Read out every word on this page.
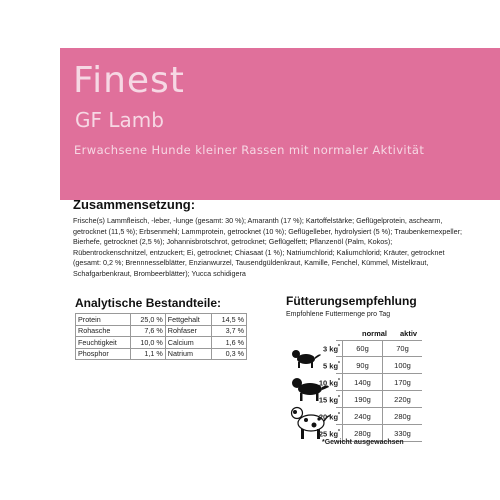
Finest
GF Lamb
Erwachsene Hunde kleiner Rassen mit normaler Aktivität
Zusammensetzung:
Frische(s) Lammfleisch, -leber, -lunge (gesamt: 30 %); Amaranth (17 %); Kartoffelstärke; Geflügelprotein, aschearm, getrocknet (11,5 %); Erbsenmehl; Lammprotein, getrocknet (10 %); Geflügelleber, hydrolysiert (5 %); Traubenkernexpeller; Bierhefe, getrocknet (2,5 %); Johannisbrotschrot, getrocknet; Geflügelfett; Pflanzenöl (Palm, Kokos); Rübentrockenschnitzel, entzuckert; Ei, getrocknet; Chiasaat (1 %); Natriumchlorid; Kaliumchlorid; Kräuter, getrocknet (gesamt: 0,2 %; Brennnesselblätter, Enzianwurzel, Tausendgüldenkraut, Kamille, Fenchel, Kümmel, Mistelkraut, Schafgarbenkraut, Brombeerblätter); Yucca schidigera
Analytische Bestandteile:
Protein	25,0 %	Fettgehalt	14,5 %
Rohasche	7,6 %	Rohfaser	3,7 %
Feuchtigkeit	10,0 %	Calcium	1,6 %
Phosphor	1,1 %	Natrium	0,3 %
Fütterungsempfehlung
Empfohlene Futtermenge pro Tag
normal aktiv
3 kg*	60g	70g
5 kg*	90g	100g
10 kg*	140g	170g
15 kg*	190g	220g
20 kg*	240g	280g
25 kg*	280g	330g
*Gewicht ausgewachsen
